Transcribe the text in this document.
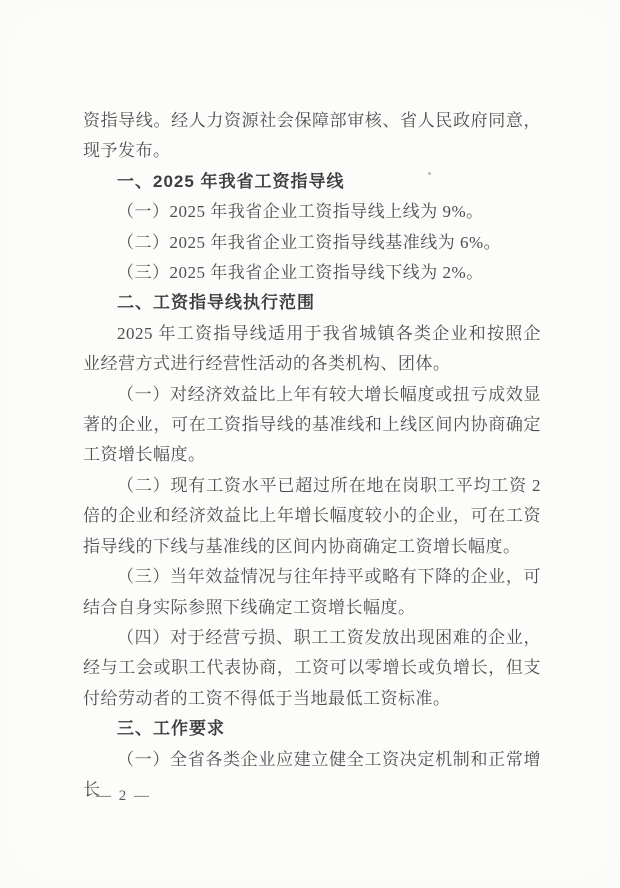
资指导线。经人力资源社会保障部审核、省人民政府同意，现予发布。

一、2025 年我省工资指导线

（一）2025 年我省企业工资指导线上线为 9%。

（二）2025 年我省企业工资指导线基准线为 6%。

（三）2025 年我省企业工资指导线下线为 2%。

二、工资指导线执行范围

2025 年工资指导线适用于我省城镇各类企业和按照企业经营方式进行经营性活动的各类机构、团体。

（一）对经济效益比上年有较大增长幅度或扭亏成效显著的企业，可在工资指导线的基准线和上线区间内协商确定工资增长幅度。

（二）现有工资水平已超过所在地在岗职工平均工资 2 倍的企业和经济效益比上年增长幅度较小的企业，可在工资指导线的下线与基准线的区间内协商确定工资增长幅度。

（三）当年效益情况与往年持平或略有下降的企业，可结合自身实际参照下线确定工资增长幅度。

（四）对于经营亏损、职工工资发放出现困难的企业，经与工会或职工代表协商，工资可以零增长或负增长，但支付给劳动者的工资不得低于当地最低工资标准。

三、工作要求

（一）全省各类企业应建立健全工资决定机制和正常增长

— 2 —
